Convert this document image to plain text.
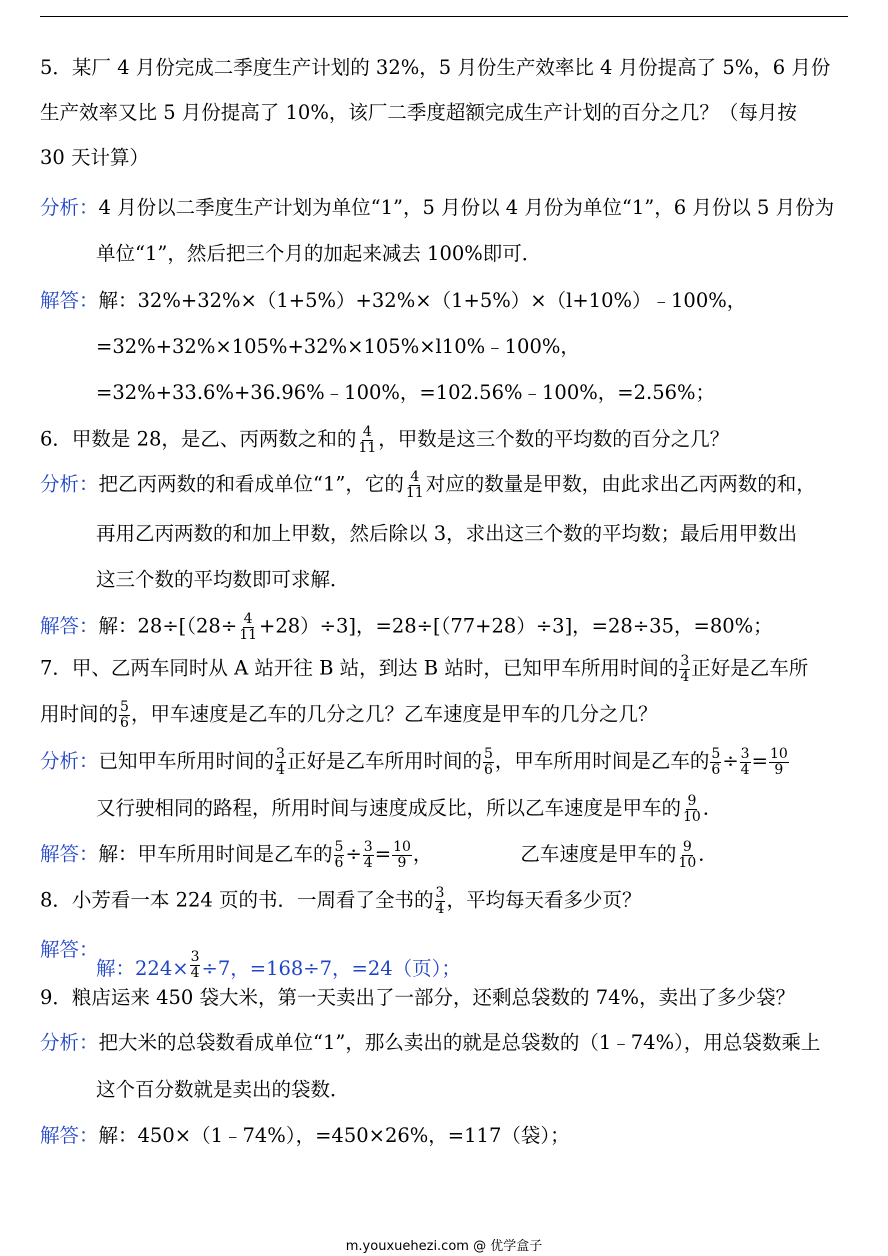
5．某厂 4 月份完成二季度生产计划的 32%，5 月份生产效率比 4 月份提高了 5%，6 月份
生产效率又比 5 月份提高了 10%，该厂二季度超额完成生产计划的百分之几？（每月按
30 天计算）
分析：4 月份以二季度生产计划为单位“1”，5 月份以 4 月份为单位“1”，6 月份以 5 月份为
单位“1”，然后把三个月的加起来减去 100%即可．
解答：解：32%+32%×（1+5%）+32%×（1+5%）×（l+10%）﹣100%，
=32%+32%×105%+32%×105%×l10%﹣100%，
=32%+33.6%+36.96%﹣100%，=102.56%﹣100%，=2.56%；
6．甲数是 28，是乙、丙两数之和的 $\frac{4}{11}$ ，甲数是这三个数的平均数的百分之几？
分析：把乙丙两数的和看成单位“1”，它的 $\frac{4}{11}$ 对应的数量是甲数，由此求出乙丙两数的和，
再用乙丙两数的和加上甲数，然后除以 3，求出这三个数的平均数；最后用甲数出
这三个数的平均数即可求解．
解答：解：$28\div[(28\div \frac{4}{11} +28)\div 3]$，=28÷[（77+28）÷3]，=28÷35，=80%；
7．甲、乙两车同时从 A 站开往 B 站，到达 B 站时，已知甲车所用时间的 $\frac{3}{4}$ 正好是乙车所
用时间的 $\frac{5}{6}$ ，甲车速度是乙车的几分之几？乙车速度是甲车的几分之几？
分析：已知甲车所用时间的 $\frac{3}{4}$ 正好是乙车所用时间的 $\frac{5}{6}$ ，甲车所用时间是乙车的 $\frac{5}{6} \div \frac{3}{4} = \frac{10}{9}$
又行驶相同的路程，所用时间与速度成反比，所以乙车速度是甲车的 $\frac{9}{10}$ ．
解答：解：甲车所用时间是乙车的 $\frac{5}{6} \div \frac{3}{4} = \frac{10}{9}$ ，	乙车速度是甲车的 $\frac{9}{10}$ ．
8．小芳看一本 224 页的书．一周看了全书的 $\frac{3}{4}$ ，平均每天看多少页？
解答：
解：$224\times \frac{3}{4} \div 7$，=168÷7，=24（页）；
9．粮店运来 450 袋大米，第一天卖出了一部分，还剩总袋数的 74%，卖出了多少袋？
分析：把大米的总袋数看成单位“1”，那么卖出的就是总袋数的（1﹣74%），用总袋数乘上
这个百分数就是卖出的袋数．
解答：解：450×（1﹣74%），=450×26%，=117（袋）；
m.youxuehezi.com @ 优学盒子
